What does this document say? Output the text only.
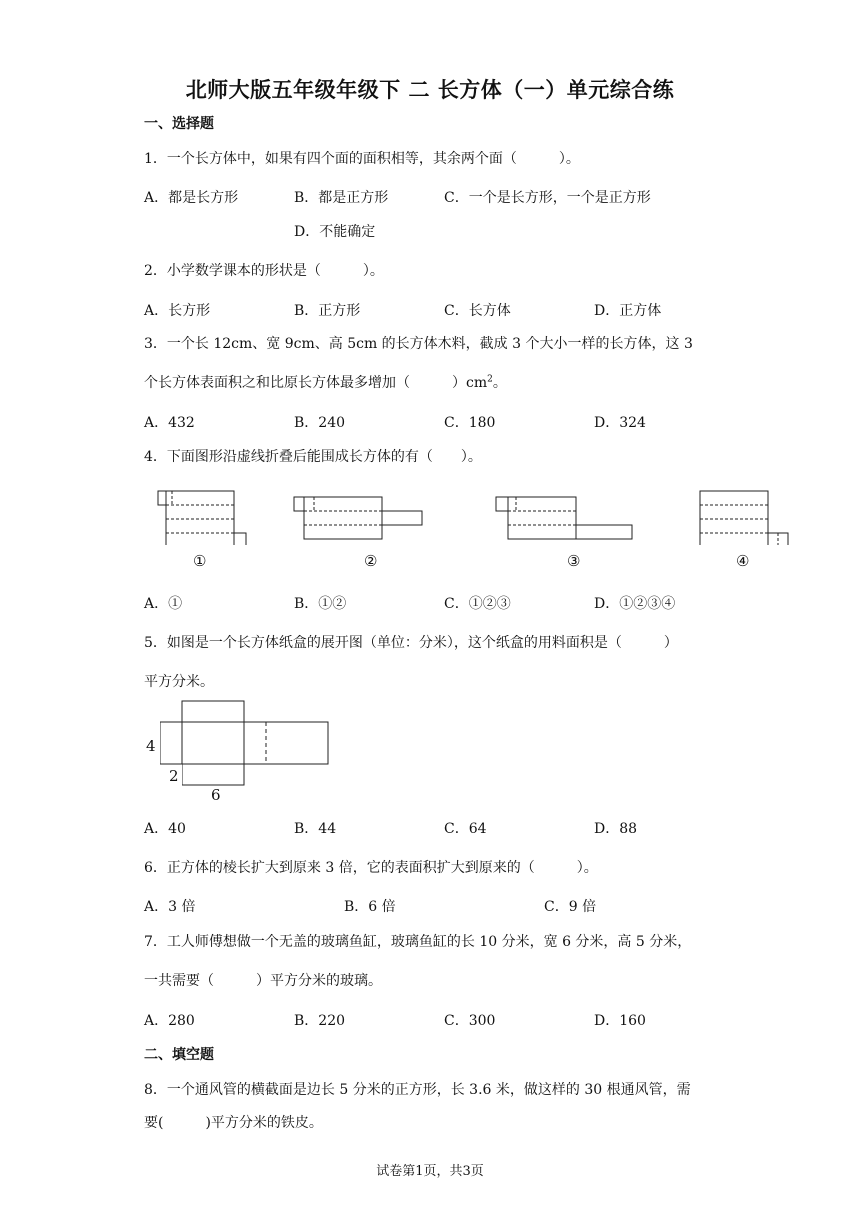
北师大版五年级年级下 二 长方体（一）单元综合练
一、选择题
1．一个长方体中，如果有四个面的面积相等，其余两个面（　　　）。
A．都是长方形	B．都是正方形	C．一个是长方形，一个是正方形
D．不能确定
2．小学数学课本的形状是（　　　）。
A．长方形	B．正方形	C．长方体	D．正方体
3．一个长 12cm、宽 9cm、高 5cm 的长方体木料，截成 3 个大小一样的长方体，这 3
个长方体表面积之和比原长方体最多增加（　　　）$cm^2$。
A．432	B．240	C．180	D．324
4．下面图形沿虚线折叠后能围成长方体的有（　　）。
①	②	③	④
A．①	B．①②	C．①②③	D．①②③④
5．如图是一个长方体纸盒的展开图（单位：分米），这个纸盒的用料面积是（　　　）
平方分米。
4
2
6
A．40	B．44	C．64	D．88
6．正方体的棱长扩大到原来 3 倍，它的表面积扩大到原来的（　　　）。
A．3 倍	B．6 倍	C．9 倍
7．工人师傅想做一个无盖的玻璃鱼缸，玻璃鱼缸的长 10 分米，宽 6 分米，高 5 分米，
一共需要（　　　）平方分米的玻璃。
A．280	B．220	C．300	D．160
二、填空题
8．一个通风管的横截面是边长 5 分米的正方形，长 3.6 米，做这样的 30 根通风管，需
要(　　　)平方分米的铁皮。
试卷第1页，共3页
